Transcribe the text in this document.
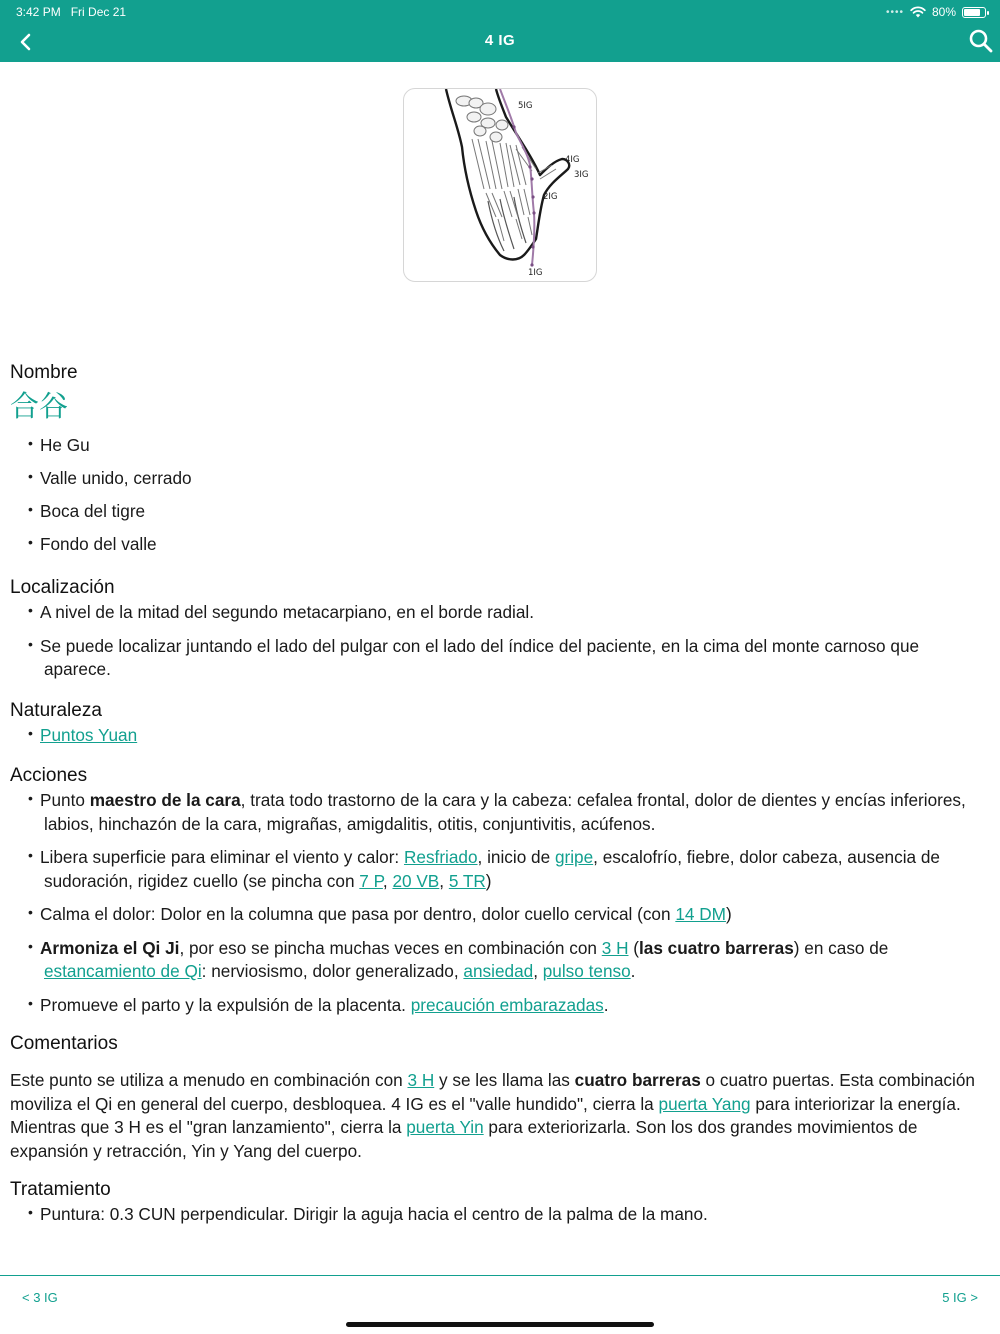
3:42 PM Fri Dec 21	•••• 80%
4 IG
5IG
4IG
3IG
2IG
1IG
Nombre
合谷
• He Gu
• Valle unido, cerrado
• Boca del tigre
• Fondo del valle
Localización
• A nivel de la mitad del segundo metacarpiano, en el borde radial.
• Se puede localizar juntando el lado del pulgar con el lado del índice del paciente, en la cima del monte carnoso que aparece.
Naturaleza
• Puntos Yuan
Acciones
• Punto maestro de la cara, trata todo trastorno de la cara y la cabeza: cefalea frontal, dolor de dientes y encías inferiores, labios, hinchazón de la cara, migrañas, amigdalitis, otitis, conjuntivitis, acúfenos.
• Libera superficie para eliminar el viento y calor: Resfriado, inicio de gripe, escalofrío, fiebre, dolor cabeza, ausencia de sudoración, rigidez cuello (se pincha con 7 P, 20 VB, 5 TR)
• Calma el dolor: Dolor en la columna que pasa por dentro, dolor cuello cervical (con 14 DM)
• Armoniza el Qi Ji, por eso se pincha muchas veces en combinación con 3 H (las cuatro barreras) en caso de estancamiento de Qi: nerviosismo, dolor generalizado, ansiedad, pulso tenso.
• Promueve el parto y la expulsión de la placenta. precaución embarazadas.
Comentarios

Este punto se utiliza a menudo en combinación con 3 H y se les llama las cuatro barreras o cuatro puertas. Esta combinación moviliza el Qi en general del cuerpo, desbloquea. 4 IG es el "valle hundido", cierra la puerta Yang para interiorizar la energía. Mientras que 3 H es el "gran lanzamiento", cierra la puerta Yin para exteriorizarla. Son los dos grandes movimientos de expansión y retracción, Yin y Yang del cuerpo.

Tratamiento
• Puntura: 0.3 CUN perpendicular. Dirigir la aguja hacia el centro de la palma de la mano.
< 3 IG	5 IG >
